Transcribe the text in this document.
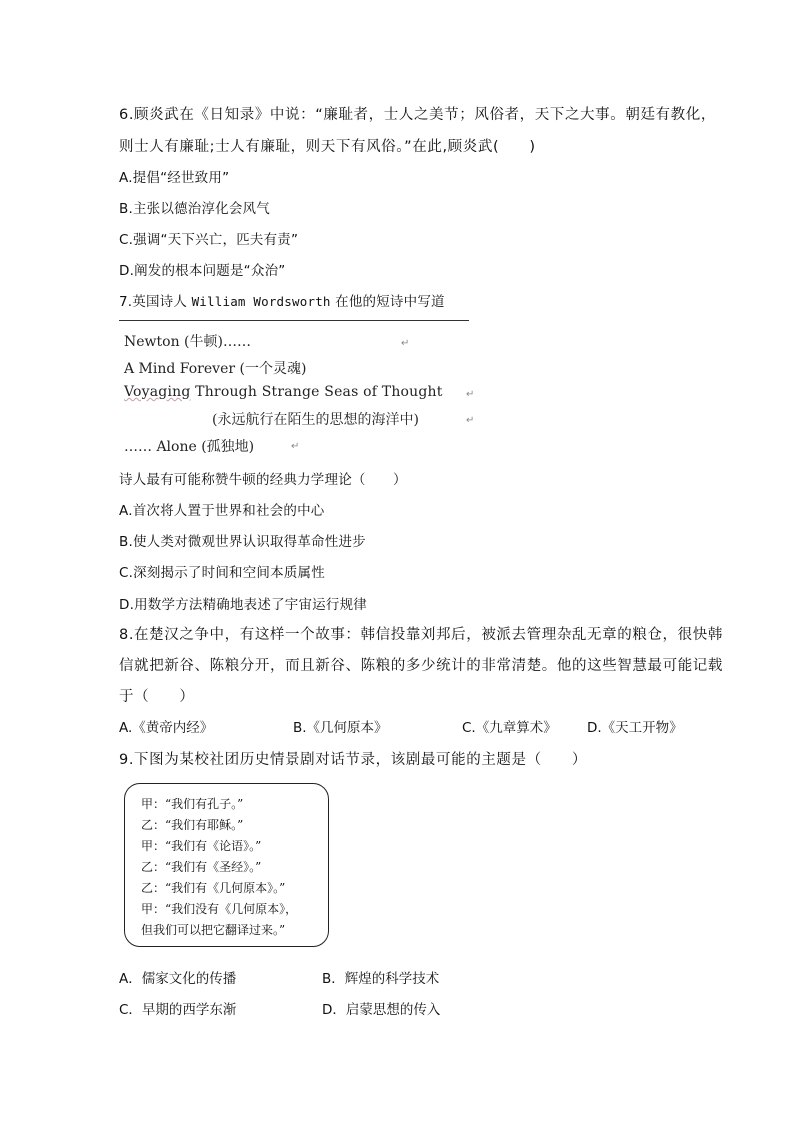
6.顾炎武在《日知录》中说：“廉耻者，士人之美节；风俗者，天下之大事。朝廷有教化，
则士人有廉耻;士人有廉耻，则天下有风俗。”在此,顾炎武(　　)
A.提倡“经世致用”
B.主张以德治淳化会风气
C.强调“天下兴亡，匹夫有责”
D.阐发的根本问题是“众治”
7.英国诗人 William Wordsworth 在他的短诗中写道
Newton (牛顿)……	↵
A Mind Forever (一个灵魂)
Voyaging Through Strange Seas of Thought ↵
(永远航行在陌生的思想的海洋中)	↵
…… Alone (孤独地)	↵
诗人最有可能称赞牛顿的经典力学理论（　　）
A.首次将人置于世界和社会的中心
B.使人类对微观世界认识取得革命性进步
C.深刻揭示了时间和空间本质属性
D.用数学方法精确地表述了宇宙运行规律
8.在楚汉之争中，有这样一个故事：韩信投靠刘邦后，被派去管理杂乱无章的粮仓，很快韩
信就把新谷、陈粮分开，而且新谷、陈粮的多少统计的非常清楚。他的这些智慧最可能记载
于（　　）
A.《黄帝内经》	B.《几何原本》	C.《九章算术》 D.《天工开物》
9.下图为某校社团历史情景剧对话节录，该剧最可能的主题是（　　）
甲：“我们有孔子。”
乙：“我们有耶稣。”
甲：“我们有《论语》。”
乙：“我们有《圣经》。”
乙：“我们有《几何原本》。”
甲：“我们没有《几何原本》，
但我们可以把它翻译过来。”
A．儒家文化的传播	B．辉煌的科学技术
C．早期的西学东渐	D．启蒙思想的传入
